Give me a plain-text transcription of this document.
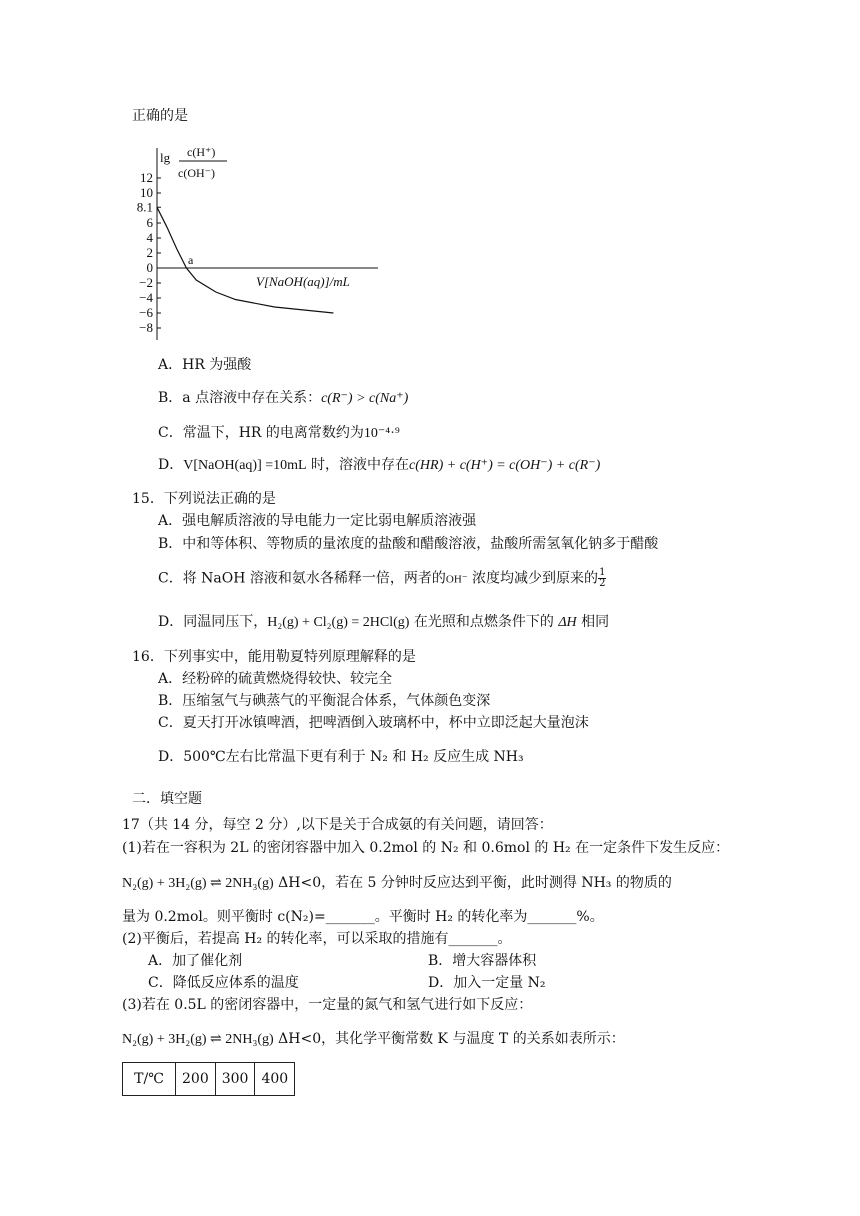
正确的是
lg c(H⁺)
c(OH⁻)
12
10
8.1
6
4
2
0
−2
−4
−6
−8
a
V[NaOH(aq)]/mL
A．HR 为强酸
B．a 点溶液中存在关系：c(R⁻) > c(Na⁺)
C．常温下，HR 的电离常数约为10⁻⁴·⁹
D．V[NaOH(aq)] =10mL 时，溶液中存在c(HR) + c(H⁺) = c(OH⁻) + c(R⁻)
15．下列说法正确的是
A．强电解质溶液的导电能力一定比弱电解质溶液强
B．中和等体积、等物质的量浓度的盐酸和醋酸溶液，盐酸所需氢氧化钠多于醋酸
C．将 NaOH 溶液和氨水各稀释一倍，两者的OH⁻ 浓度均减少到原来的 $\frac{1}{2}$
D．同温同压下，H₂(g) + Cl₂(g) = 2HCl(g) 在光照和点燃条件下的 ΔH 相同
16．下列事实中，能用勒夏特列原理解释的是
A．经粉碎的硫黄燃烧得较快、较完全
B．压缩氢气与碘蒸气的平衡混合体系，气体颜色变深
C．夏天打开冰镇啤酒，把啤酒倒入玻璃杯中，杯中立即泛起大量泡沫
D．500℃左右比常温下更有利于 N₂ 和 H₂ 反应生成 NH₃
二．填空题
17（共 14 分，每空 2 分）,以下是关于合成氨的有关问题，请回答：
(1)若在一容积为 2L 的密闭容器中加入 0.2mol 的 N₂ 和 0.6mol 的 H₂ 在一定条件下发生反应：
N₂(g) + 3H₂(g) ⇌ 2NH₃(g) ΔH<0，若在 5 分钟时反应达到平衡，此时测得 NH₃ 的物质的
量为 0.2mol。则平衡时 c(N₂)=_______。平衡时 H₂ 的转化率为_______%。
(2)平衡后，若提高 H₂ 的转化率，可以采取的措施有_______。
A．加了催化剂	B．增大容器体积
C．降低反应体系的温度	D．加入一定量 N₂
(3)若在 0.5L 的密闭容器中，一定量的氮气和氢气进行如下反应：
N₂(g) + 3H₂(g) ⇌ 2NH₃(g) ΔH<0，其化学平衡常数 K 与温度 T 的关系如表所示：
T/℃	200	300	400
